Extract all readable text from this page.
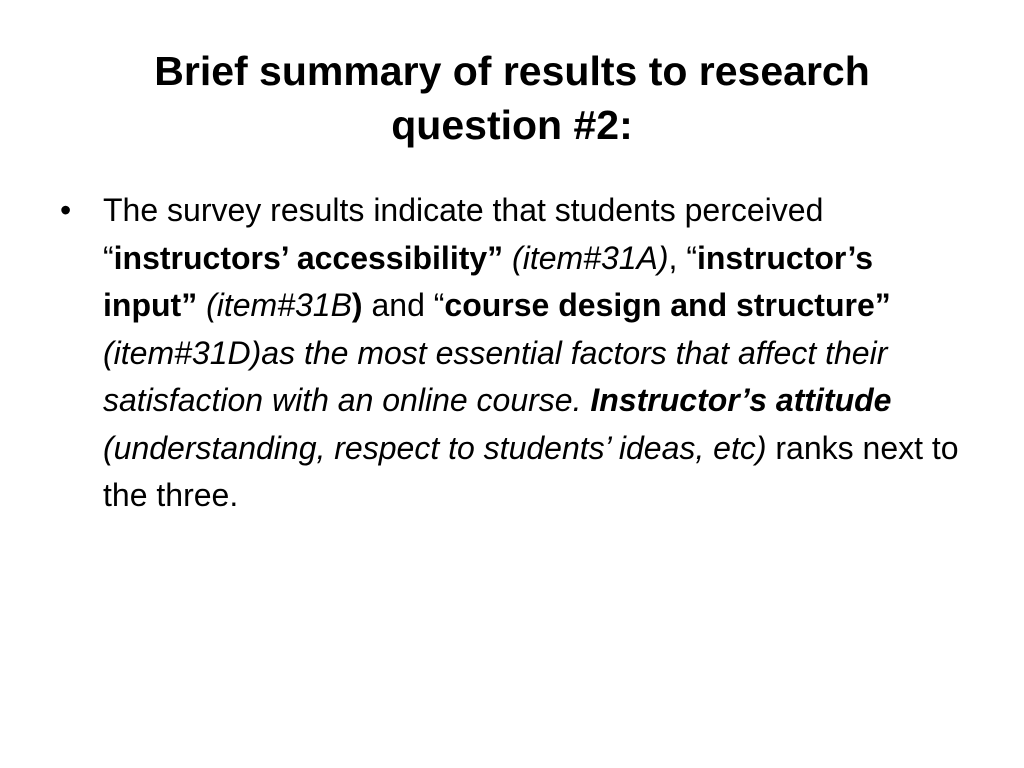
Brief summary of results to research
question #2:
• The survey results indicate that students perceived “instructors’ accessibility” (item#31A), “instructor’s input” (item#31B) and “course design and structure” (item#31D)as the most essential factors that affect their satisfaction with an online course. Instructor’s attitude (understanding, respect to students’ ideas, etc) ranks next to the three.
